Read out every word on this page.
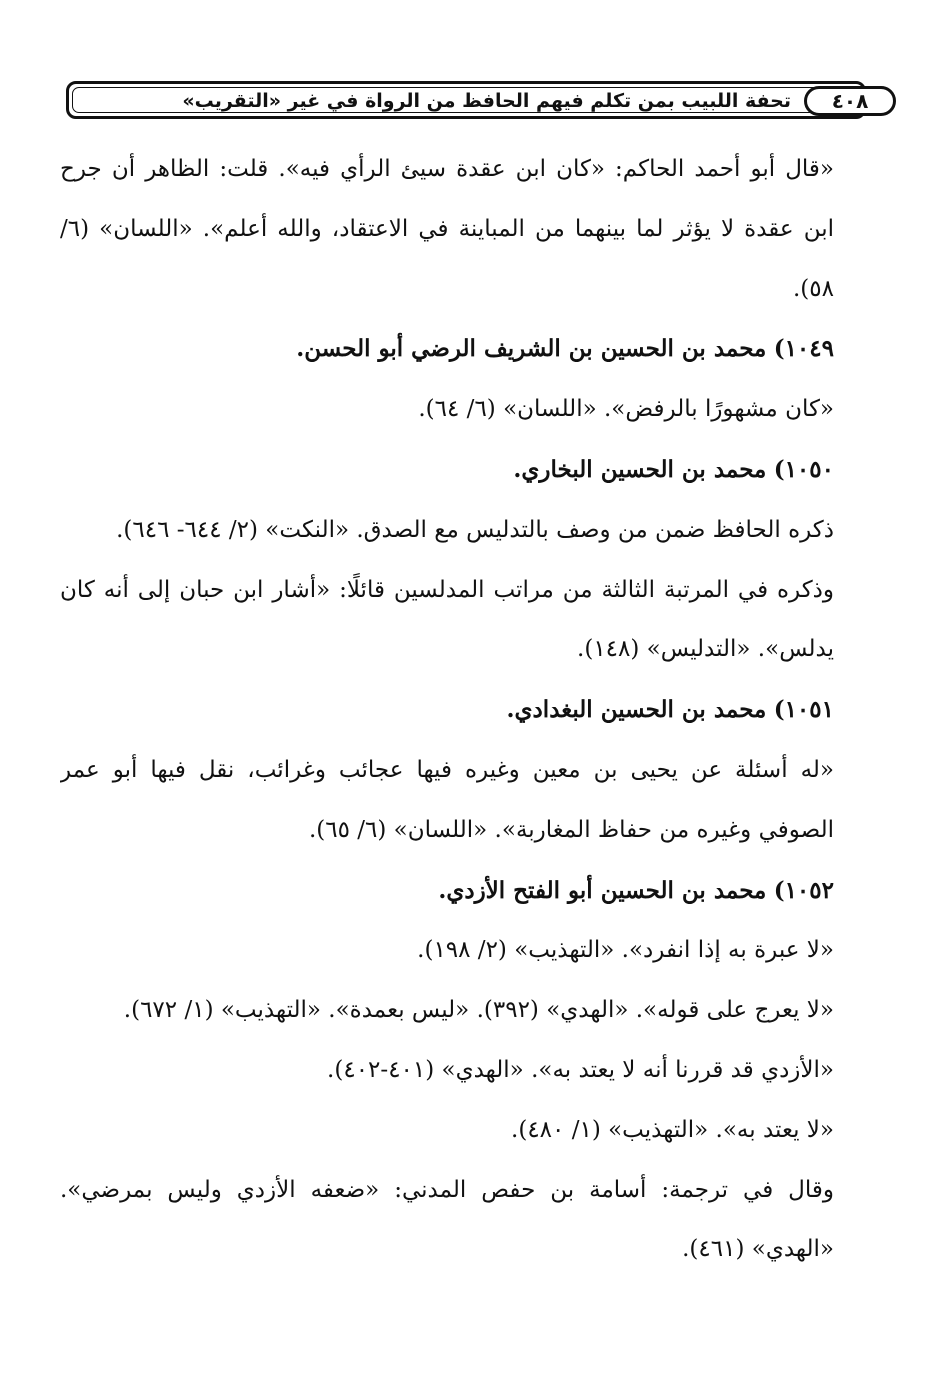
تحفة اللبيب بمن تكلم فيهم الحافظ من الرواة في غير «التقريب» ٤٠٨

«قال أبو أحمد الحاكم: «كان ابن عقدة سيئ الرأي فيه». قلت: الظاهر أن جرح ابن عقدة لا يؤثر لما بينهما من المباينة في الاعتقاد، والله أعلم». «اللسان» (٦/ ٥٨).

١٠٤٩) محمد بن الحسين بن الشريف الرضي أبو الحسن.

«كان مشهورًا بالرفض». «اللسان» (٦/ ٦٤).

١٠٥٠) محمد بن الحسين البخاري.

ذكره الحافظ ضمن من وصف بالتدليس مع الصدق. «النكت» (٢/ ٦٤٤- ٦٤٦).

وذكره في المرتبة الثالثة من مراتب المدلسين قائلًا: «أشار ابن حبان إلى أنه كان يدلس». «التدليس» (١٤٨).

١٠٥١) محمد بن الحسين البغدادي.

«له أسئلة عن يحيى بن معين وغيره فيها عجائب وغرائب، نقل فيها أبو عمر الصوفي وغيره من حفاظ المغاربة». «اللسان» (٦/ ٦٥).

١٠٥٢) محمد بن الحسين أبو الفتح الأزدي.

«لا عبرة به إذا انفرد». «التهذيب» (٢/ ١٩٨).

«لا يعرج على قوله». «الهدي» (٣٩٢). «ليس بعمدة». «التهذيب» (١/ ٦٧٢).

«الأزدي قد قررنا أنه لا يعتد به». «الهدي» (٤٠١-٤٠٢).

«لا يعتد به». «التهذيب» (١/ ٤٨٠).

وقال في ترجمة: أسامة بن حفص المدني: «ضعفه الأزدي وليس بمرضي». «الهدي» (٤٦١).
